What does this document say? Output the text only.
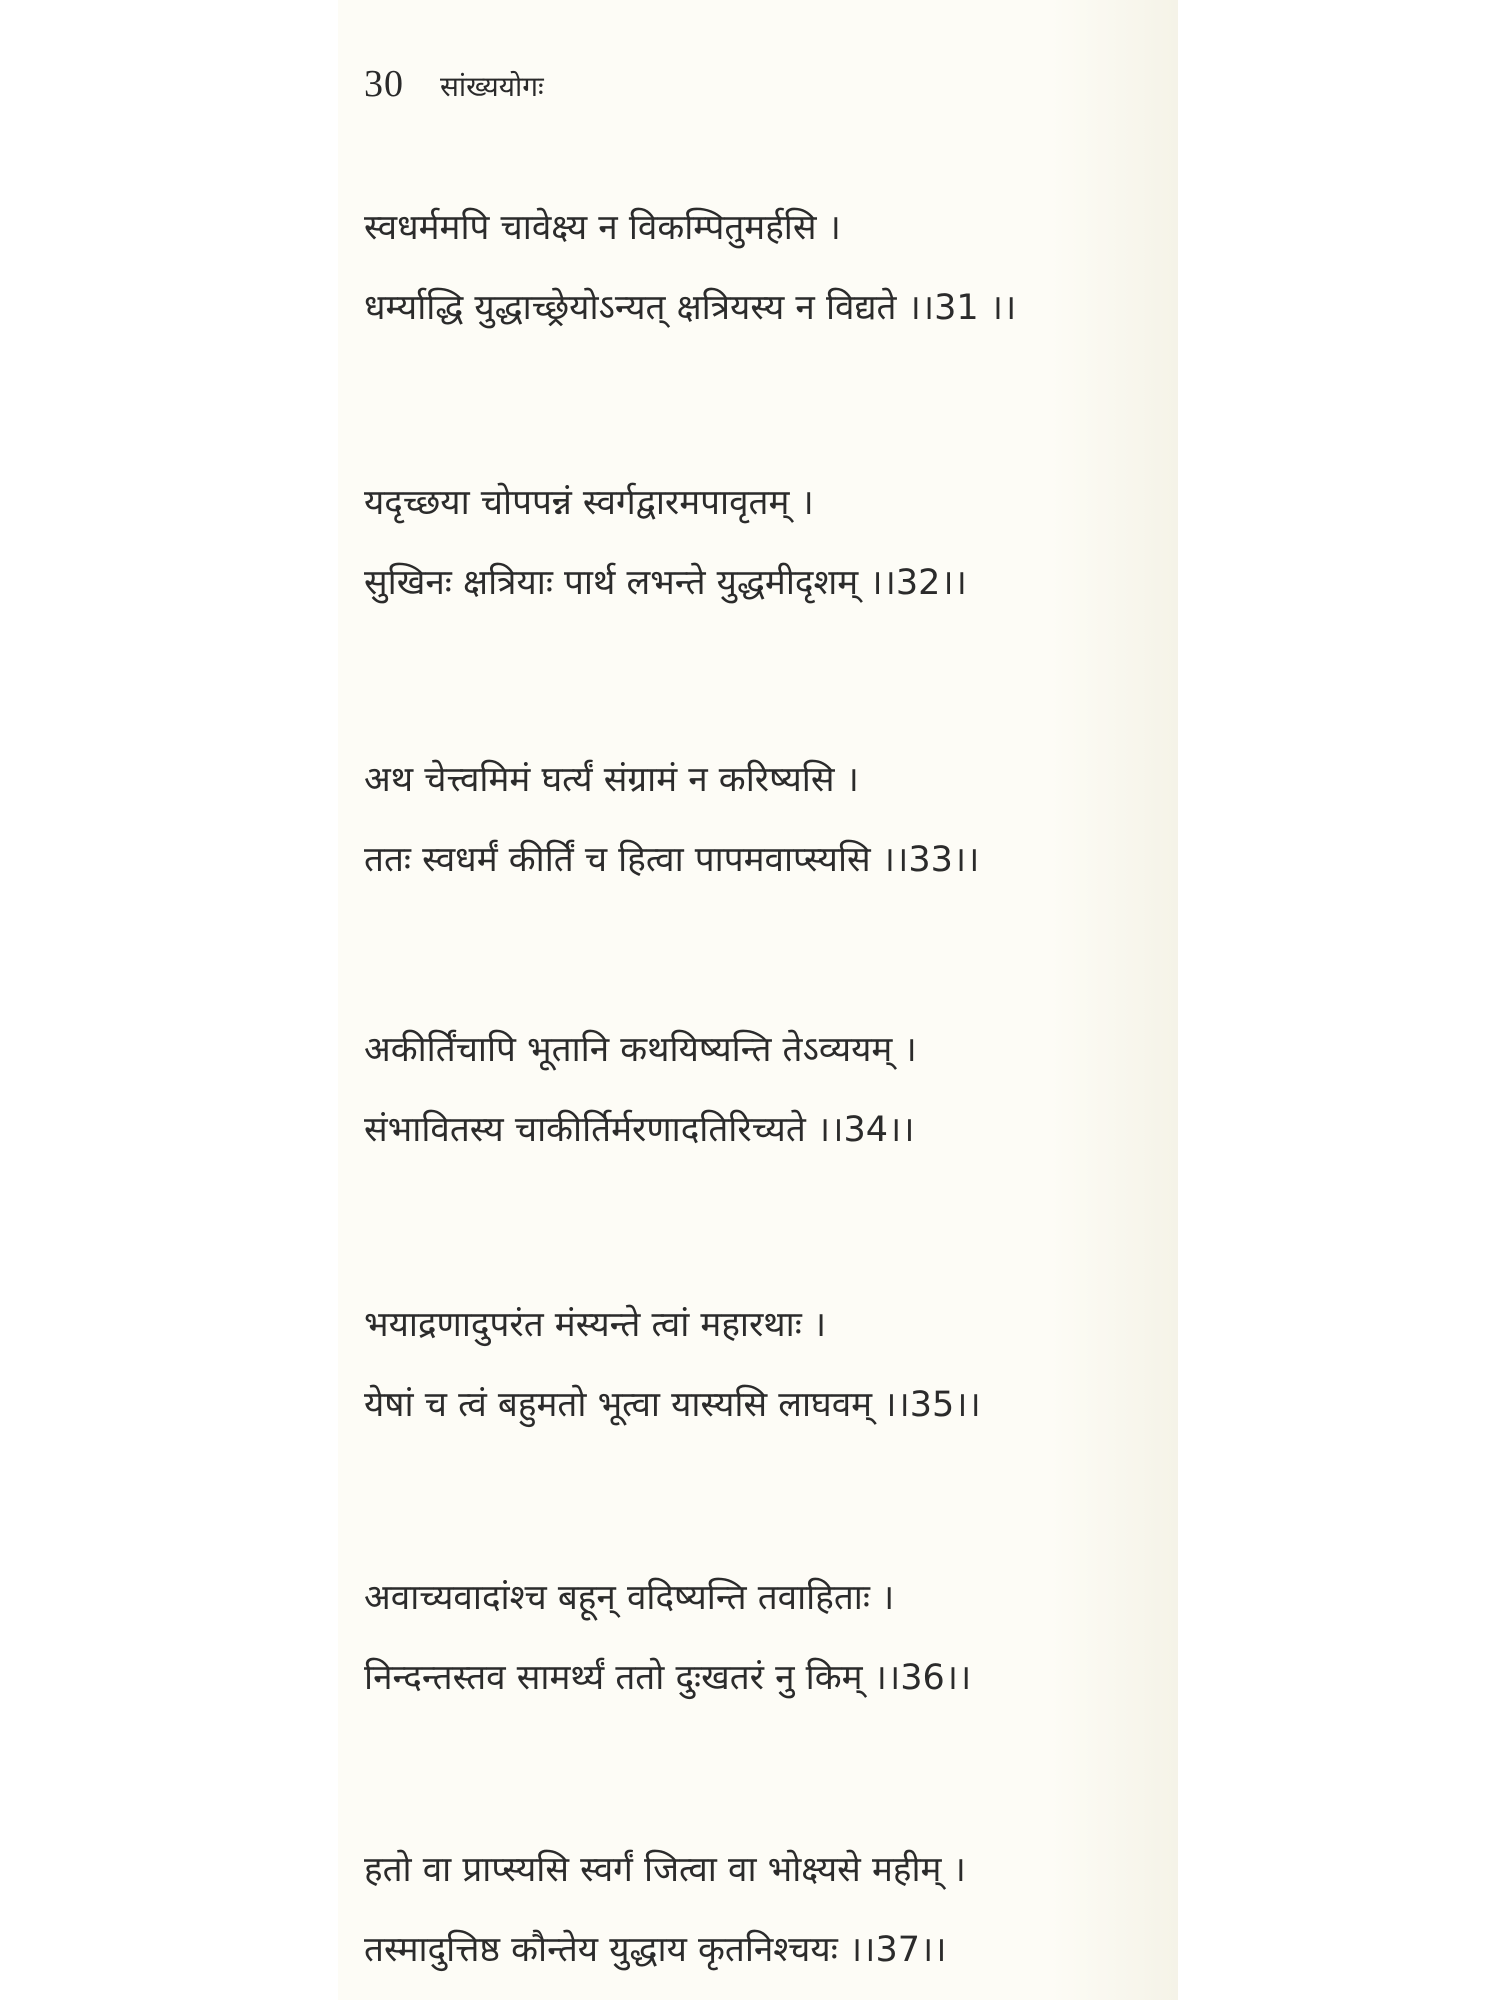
30 सांख्ययोगः
स्वधर्ममपि चावेक्ष्य न विकम्पितुमर्हसि ।
धर्म्याद्धि युद्धाच्छ्रेयोऽन्यत् क्षत्रियस्य न विद्यते ।।31 ।।
यदृच्छया चोपपन्नं स्वर्गद्वारमपावृतम् ।
सुखिनः क्षत्रियाः पार्थ लभन्ते युद्धमीदृशम् ।।32।।
अथ चेत्त्वमिमं घर्त्यं संग्रामं न करिष्यसि ।
ततः स्वधर्मं कीर्तिं च हित्वा पापमवाप्स्यसि ।।33।।
अकीर्तिंचापि भूतानि कथयिष्यन्ति तेऽव्ययम् ।
संभावितस्य चाकीर्तिर्मरणादतिरिच्यते ।।34।।
भयाद्रणादुपरंत मंस्यन्ते त्वां महारथाः ।
येषां च त्वं बहुमतो भूत्वा यास्यसि लाघवम् ।।35।।
अवाच्यवादांश्च बहून् वदिष्यन्ति तवाहिताः ।
निन्दन्तस्तव सामर्थ्यं ततो दुःखतरं नु किम् ।।36।।
हतो वा प्राप्स्यसि स्वर्गं जित्वा वा भोक्ष्यसे महीम् ।
तस्मादुत्तिष्ठ कौन्तेय युद्धाय कृतनिश्चयः ।।37।।
